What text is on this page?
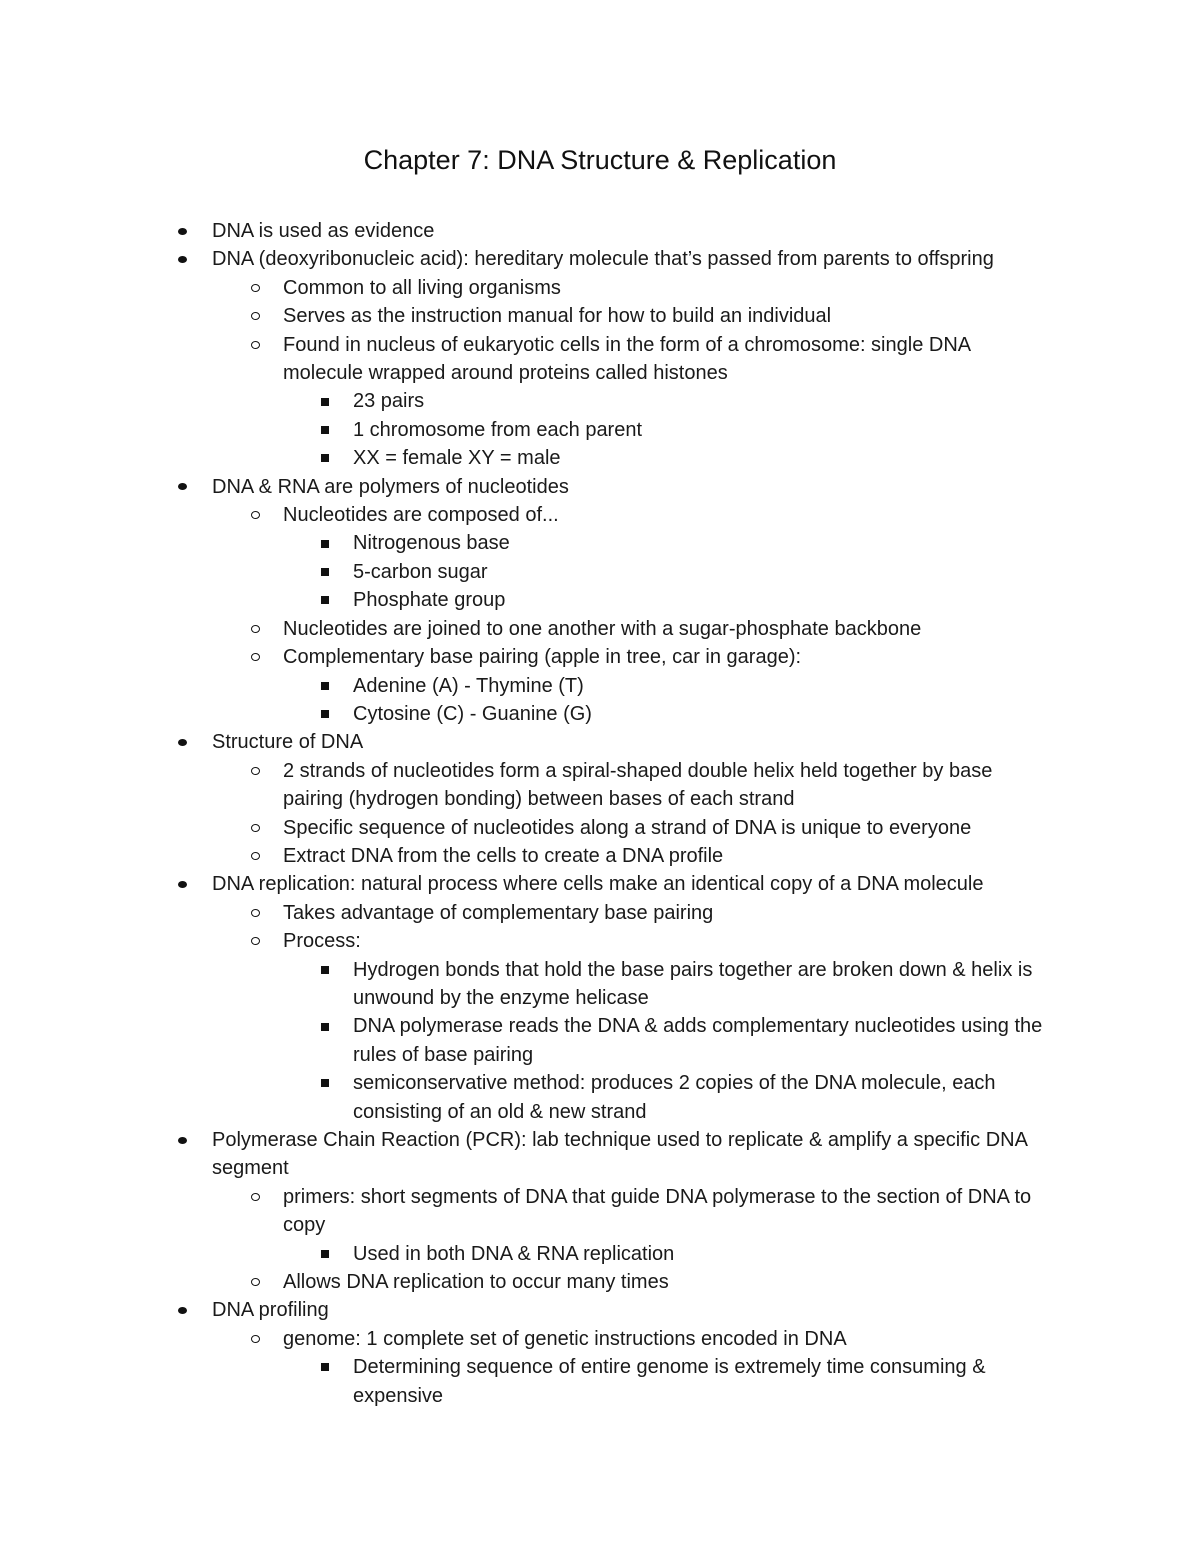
Chapter 7: DNA Structure & Replication
DNA is used as evidence
DNA (deoxyribonucleic acid): hereditary molecule that’s passed from parents to offspring
Common to all living organisms
Serves as the instruction manual for how to build an individual
Found in nucleus of eukaryotic cells in the form of a chromosome: single DNA molecule wrapped around proteins called histones
23 pairs
1 chromosome from each parent
XX = female XY = male
DNA & RNA are polymers of nucleotides
Nucleotides are composed of...
Nitrogenous base
5-carbon sugar
Phosphate group
Nucleotides are joined to one another with a sugar-phosphate backbone
Complementary base pairing (apple in tree, car in garage):
Adenine (A) - Thymine (T)
Cytosine (C) - Guanine (G)
Structure of DNA
2 strands of nucleotides form a spiral-shaped double helix held together by base pairing (hydrogen bonding) between bases of each strand
Specific sequence of nucleotides along a strand of DNA is unique to everyone
Extract DNA from the cells to create a DNA profile
DNA replication: natural process where cells make an identical copy of a DNA molecule
Takes advantage of complementary base pairing
Process:
Hydrogen bonds that hold the base pairs together are broken down & helix is unwound by the enzyme helicase
DNA polymerase reads the DNA & adds complementary nucleotides using the rules of base pairing
semiconservative method: produces 2 copies of the DNA molecule, each consisting of an old & new strand
Polymerase Chain Reaction (PCR): lab technique used to replicate & amplify a specific DNA segment
primers: short segments of DNA that guide DNA polymerase to the section of DNA to copy
Used in both DNA & RNA replication
Allows DNA replication to occur many times
DNA profiling
genome: 1 complete set of genetic instructions encoded in DNA
Determining sequence of entire genome is extremely time consuming & expensive
